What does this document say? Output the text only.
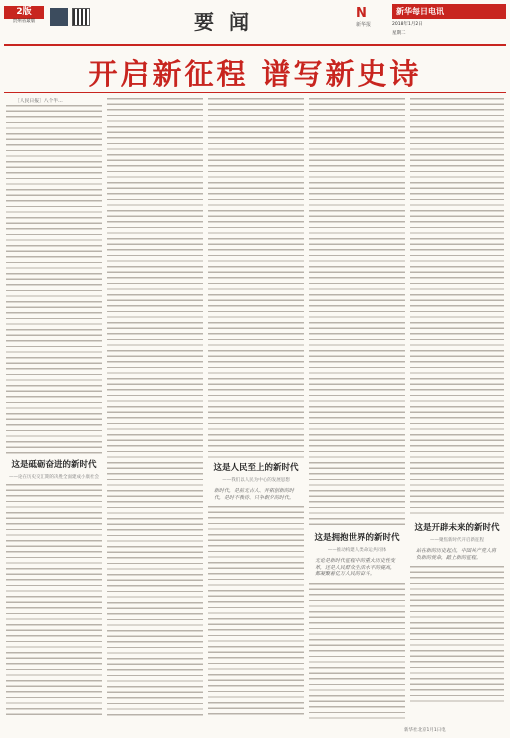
2版
贵州省最版	要 闻	N
新华报
新华每日电讯
2018年1月2日
星期二
开启新征程 谱写新史诗

［人民日报］八个半...

这是砥砺奋进的新时代
——论在历史交汇期的决胜全面建成小康社会
这是人民至上的新时代
——我们以人民为中心的发展思想

新时代，是前无古人、开拓创新的时代，是时不我待、只争朝夕的时代。

这是拥抱世界的新时代
——推动构建人类命运共同体

无论是新时代征程中的重大历史性变革，还是人民群众生活水平的提高，都凝聚着亿万人民的奋斗。

这是开辟未来的新时代
——聚焦新时代开启新征程

站在新的历史起点，中国共产党人肩负新的使命，踏上新的征程。

新华社北京1月1日电
